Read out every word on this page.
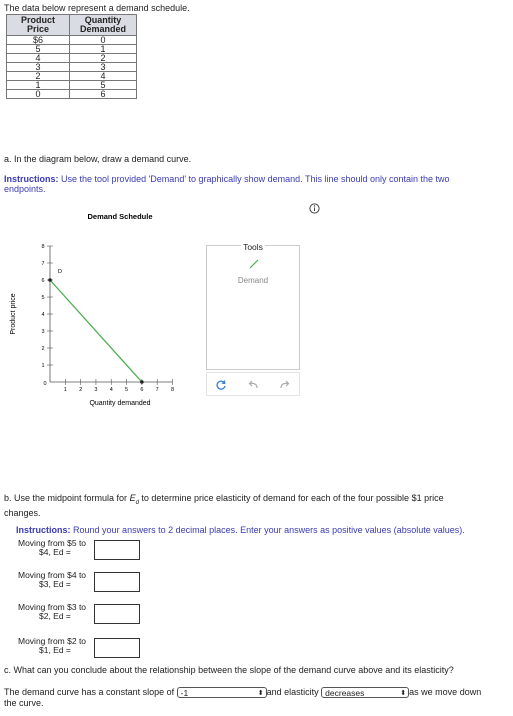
The data below represent a demand schedule.
Product Price	Quantity Demanded
$6	0
5	1
4	2
3	3
2	4
1	5
0	6
a. In the diagram below, draw a demand curve.
Instructions: Use the tool provided 'Demand' to graphically show demand. This line should only contain the two endpoints.
Demand Schedule
Product price
Quantity demanded
0
1 2 3 4 5 6 7 8
1
2
3
4
5
6
7
8
D
Tools
Demand
b. Use the midpoint formula for $E_d$ to determine price elasticity of demand for each of the four possible $1 price changes.
Instructions: Round your answers to 2 decimal places. Enter your answers as positive values (absolute values).
Moving from $5 to
$4, Ed =
Moving from $4 to
$3, Ed =
Moving from $3 to
$2, Ed =
Moving from $2 to
$1, Ed =
c. What can you conclude about the relationship between the slope of the demand curve above and its elasticity?
The demand curve has a constant slope of -1	⬍ and elasticity decreases	⬍ as we move down the curve.
